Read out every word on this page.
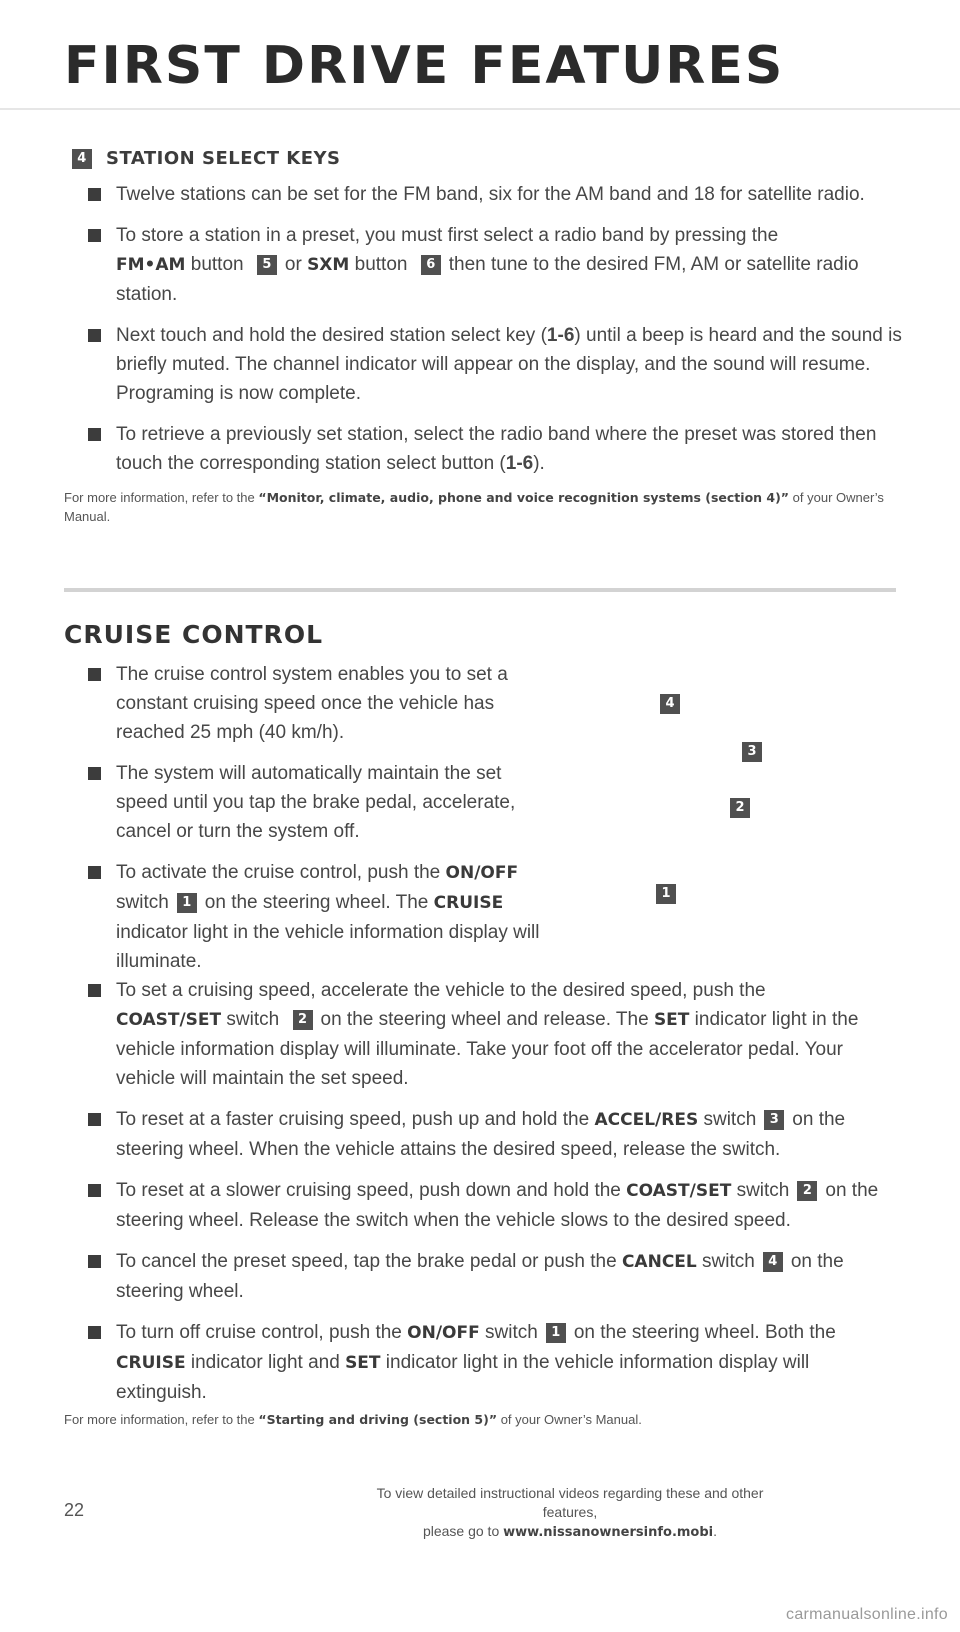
FIRST DRIVE FEATURES
4 STATION SELECT KEYS
Twelve stations can be set for the FM band, six for the AM band and 18 for satellite radio.
To store a station in a preset, you must first select a radio band by pressing the
FM•AM button 5 or SXM button 6 then tune to the desired FM, AM or satellite radio station.
Next touch and hold the desired station select key (1-6) until a beep is heard and the sound is briefly muted. The channel indicator will appear on the display, and the sound will resume. Programing is now complete.
To retrieve a previously set station, select the radio band where the preset was stored then touch the corresponding station select button (1-6).
For more information, refer to the “Monitor, climate, audio, phone and voice recognition systems (section 4)” of your Owner’s Manual.
CRUISE CONTROL
The cruise control system enables you to set a constant cruising speed once the vehicle has reached 25 mph (40 km/h).
The system will automatically maintain the set speed until you tap the brake pedal, accelerate, cancel or turn the system off.
To activate the cruise control, push the ON/OFF switch 1 on the steering wheel. The CRUISE indicator light in the vehicle information display will illuminate.
4
3
2
1
To set a cruising speed, accelerate the vehicle to the desired speed, push the
COAST/SET switch 2 on the steering wheel and release. The SET indicator light in the vehicle information display will illuminate. Take your foot off the accelerator pedal. Your vehicle will maintain the set speed.
To reset at a faster cruising speed, push up and hold the ACCEL/RES switch 3 on the steering wheel. When the vehicle attains the desired speed, release the switch.
To reset at a slower cruising speed, push down and hold the COAST/SET switch 2 on the steering wheel. Release the switch when the vehicle slows to the desired speed.
To cancel the preset speed, tap the brake pedal or push the CANCEL switch 4 on the steering wheel.
To turn off cruise control, push the ON/OFF switch 1 on the steering wheel. Both the CRUISE indicator light and SET indicator light in the vehicle information display will extinguish.
For more information, refer to the “Starting and driving (section 5)” of your Owner’s Manual.
22
To view detailed instructional videos regarding these and other features,
please go to www.nissanownersinfo.mobi.
carmanualsonline.info
